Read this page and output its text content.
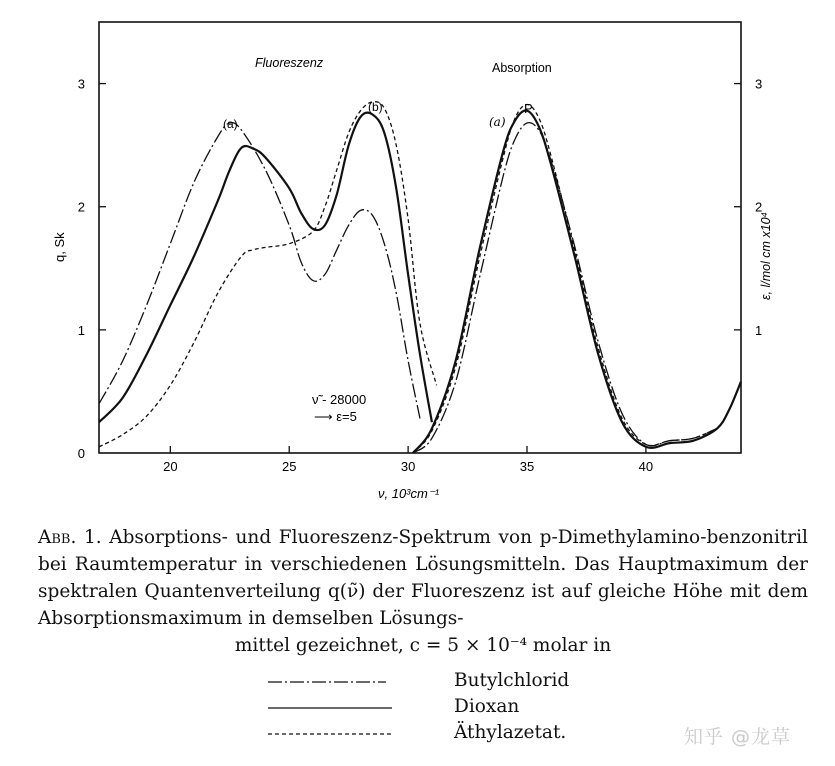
20	25	30	35	40
0
1
2
3
1
2
3
Fluoreszenz	Absorption
(a)
(b)
(a)
P
q, Sk	ε, l/mol cm x10⁴
ν, 10³cm⁻¹
ν̃ - 28000
⟶ ε=5
Abb. 1. Absorptions- und Fluoreszenz-Spektrum von p-Dimethylamino-benzonitril bei Raumtemperatur in verschiedenen Lösungsmitteln. Das Hauptmaximum der spektralen Quantenverteilung q(ν̃) der Fluoreszenz ist auf gleiche Höhe mit dem Absorptionsmaximum in demselben Lösungs-
mittel gezeichnet, c = 5 × 10⁻⁴ molar in
Butylchlorid
Dioxan
Äthylazetat.	知乎 @龙草
